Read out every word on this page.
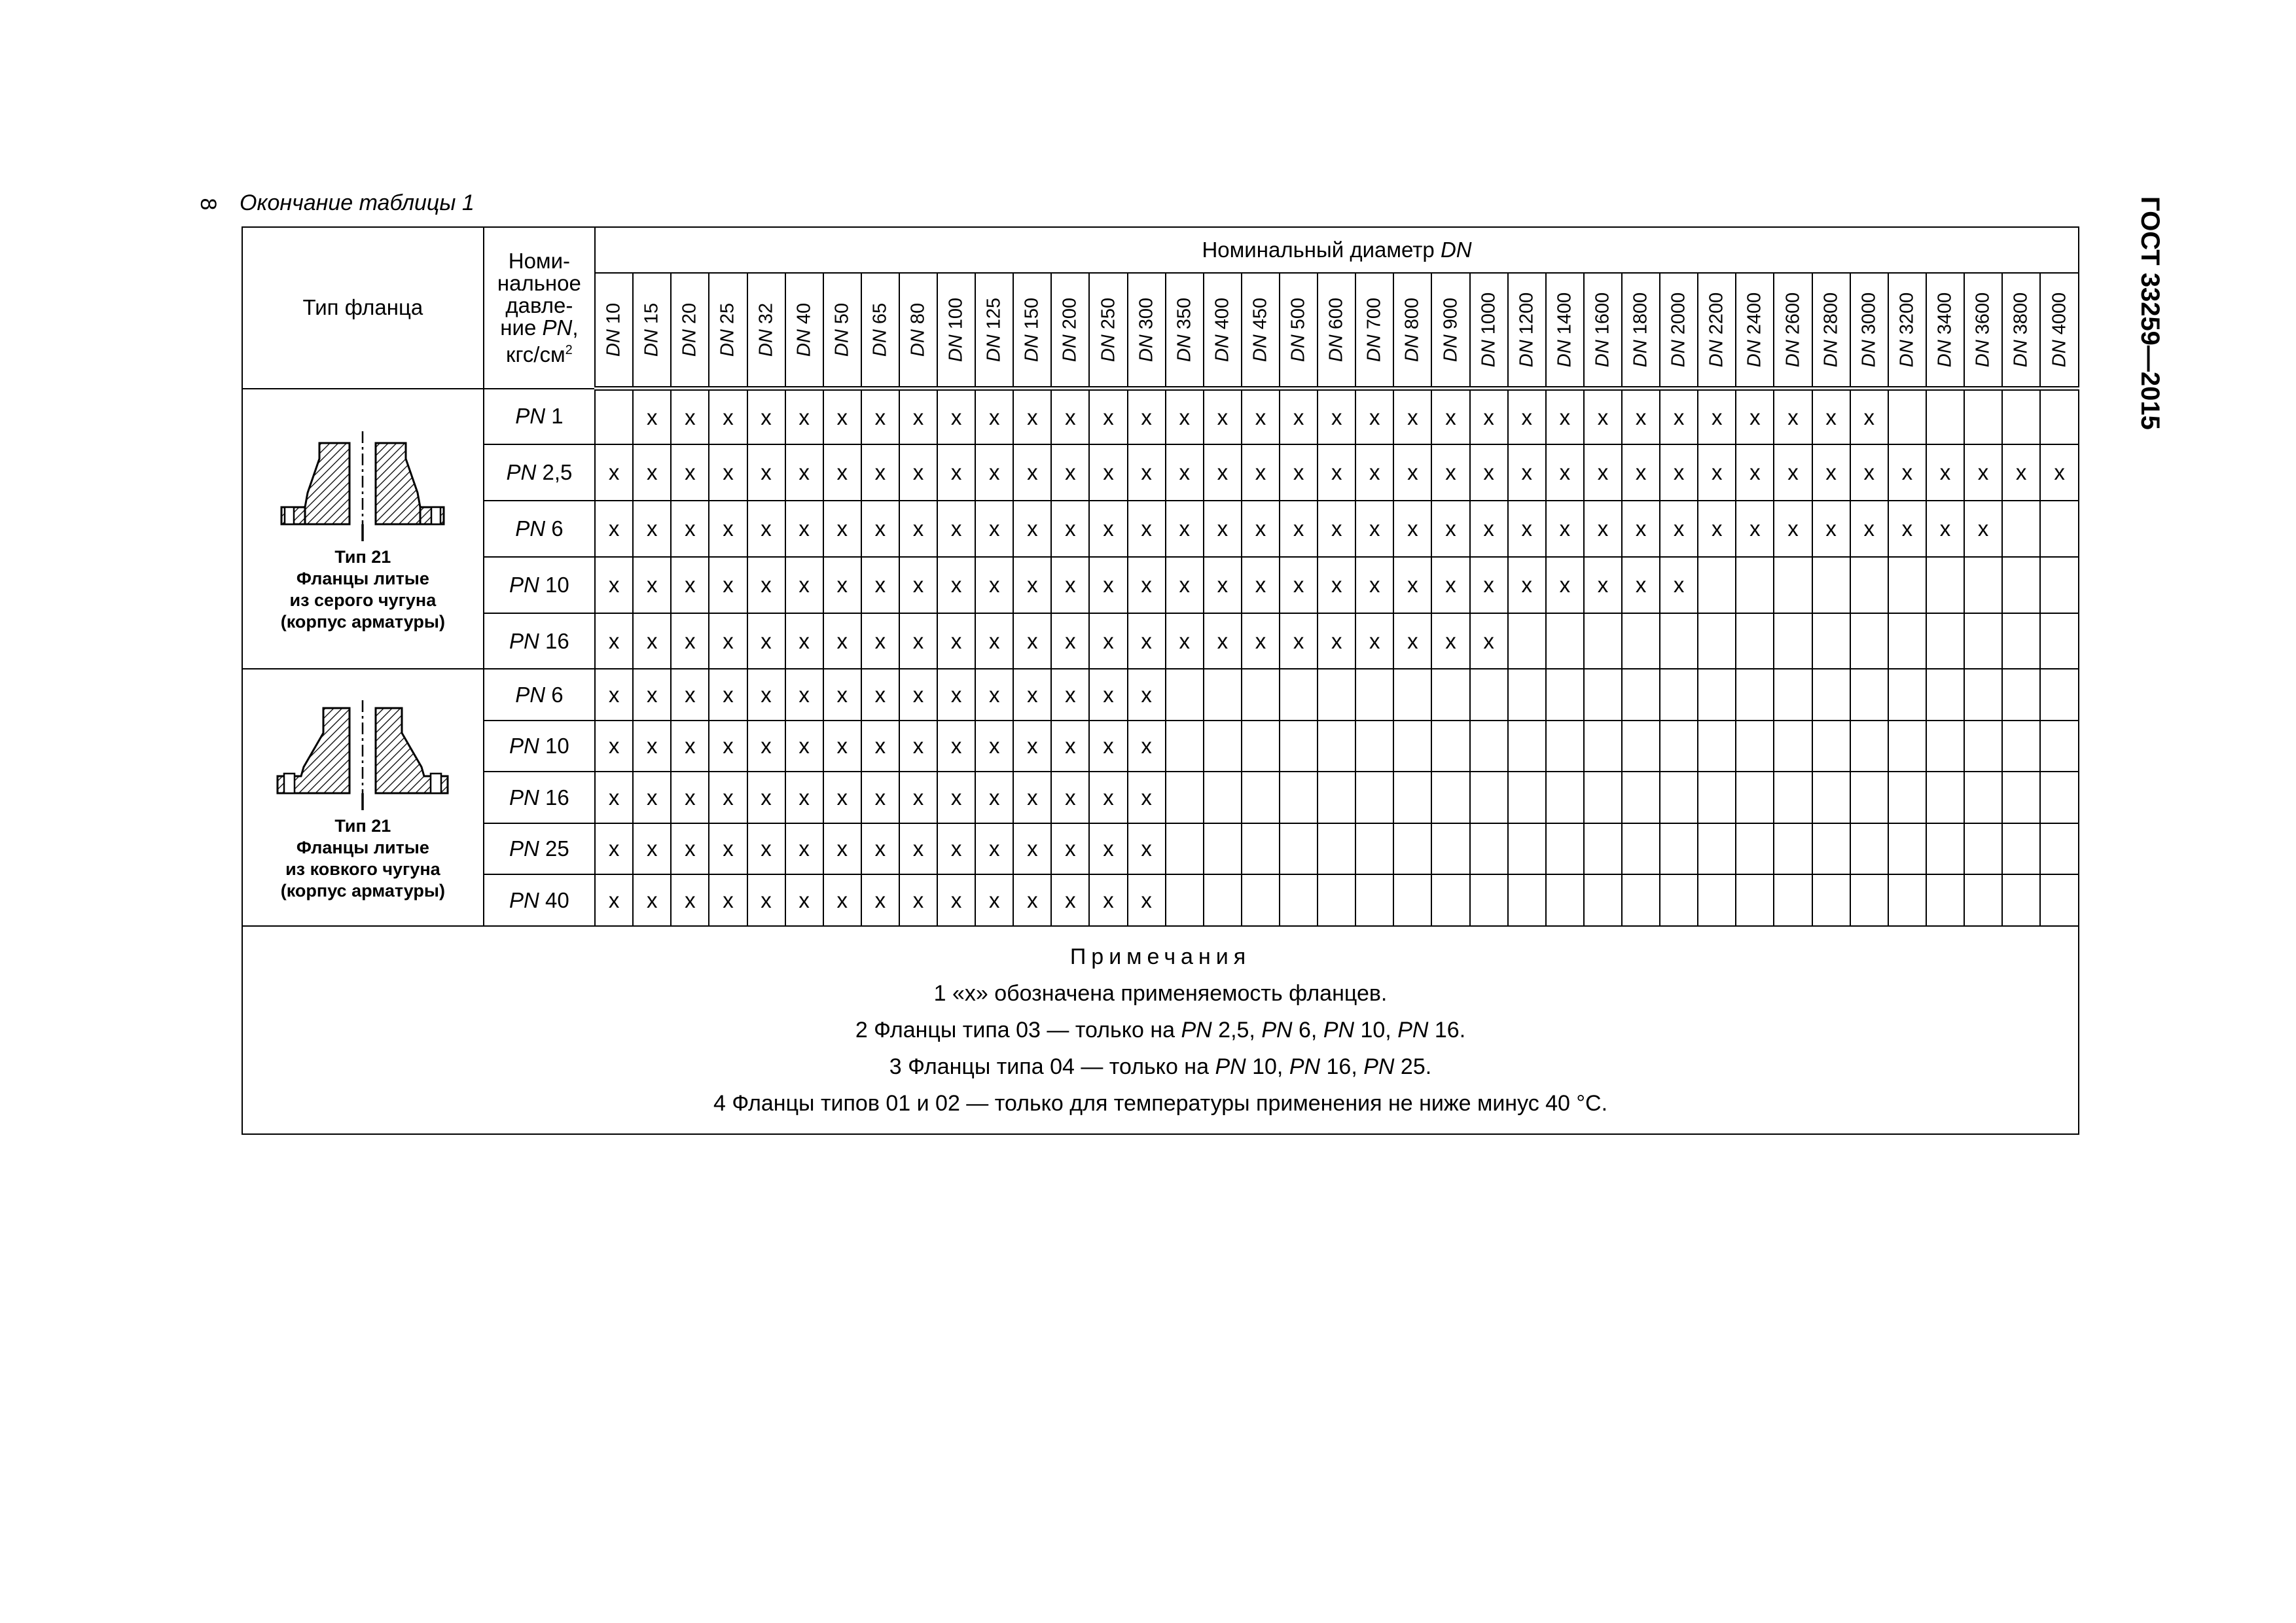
8 Окончание таблицы 1	ГОСТ 33259—2015
Тип фланца	Номи-
нальное
давле-
ние PN,
кгс/$см^2$	Номинальный диаметр DN																																						

		DN 10	DN 15	DN 20	DN 25	DN 32	DN 40	DN 50	DN 65	DN 80	DN 100	DN 125	DN 150	DN 200	DN 250	DN 300	DN 350	DN 400	DN 450	DN 500	DN 600	DN 700	DN 800	DN 900	DN 1000	DN 1200	DN 1400	DN 1600	DN 1800	DN 2000	DN 2200	DN 2400	DN 2600	DN 2800	DN 3000	DN 3200	DN 3400	DN 3600	DN 3800	DN 4000

Тип 21
Фланцы литые
из серого чугуна
(корпус арматуры)	PN 1		x	x	x	x	x	x	x	x	x	x	x	x	x	x	x	x	x	x	x	x	x	x	x	x	x	x	x	x	x	x	x	x	x					
	PN 2,5	x	x	x	x	x	x	x	x	x	x	x	x	x	x	x	x	x	x	x	x	x	x	x	x	x	x	x	x	x	x	x	x	x	x	x	x	x	x	x
	PN 6	x	x	x	x	x	x	x	x	x	x	x	x	x	x	x	x	x	x	x	x	x	x	x	x	x	x	x	x	x	x	x	x	x	x	x	x	x		
	PN 10	x	x	x	x	x	x	x	x	x	x	x	x	x	x	x	x	x	x	x	x	x	x	x	x	x	x	x	x	x										
	PN 16	x	x	x	x	x	x	x	x	x	x	x	x	x	x	x	x	x	x	x	x	x	x	x	x															

Тип 21
Фланцы литые
из ковкого чугуна
(корпус арматуры)	PN 6	x	x	x	x	x	x	x	x	x	x	x	x	x	x	x																								
	PN 10	x	x	x	x	x	x	x	x	x	x	x	x	x	x	x																								
	PN 16	x	x	x	x	x	x	x	x	x	x	x	x	x	x	x																								
	PN 25	x	x	x	x	x	x	x	x	x	x	x	x	x	x	x																								
	PN 40	x	x	x	x	x	x	x	x	x	x	x	x	x	x	x																								

Примечания
1 «х» обозначена применяемость фланцев.
2 Фланцы типа 03 — только на PN 2,5, PN 6, PN 10, PN 16.
3 Фланцы типа 04 — только на PN 10, PN 16, PN 25.
4 Фланцы типов 01 и 02 — только для температуры применения не ниже минус 40 °С.																																								
